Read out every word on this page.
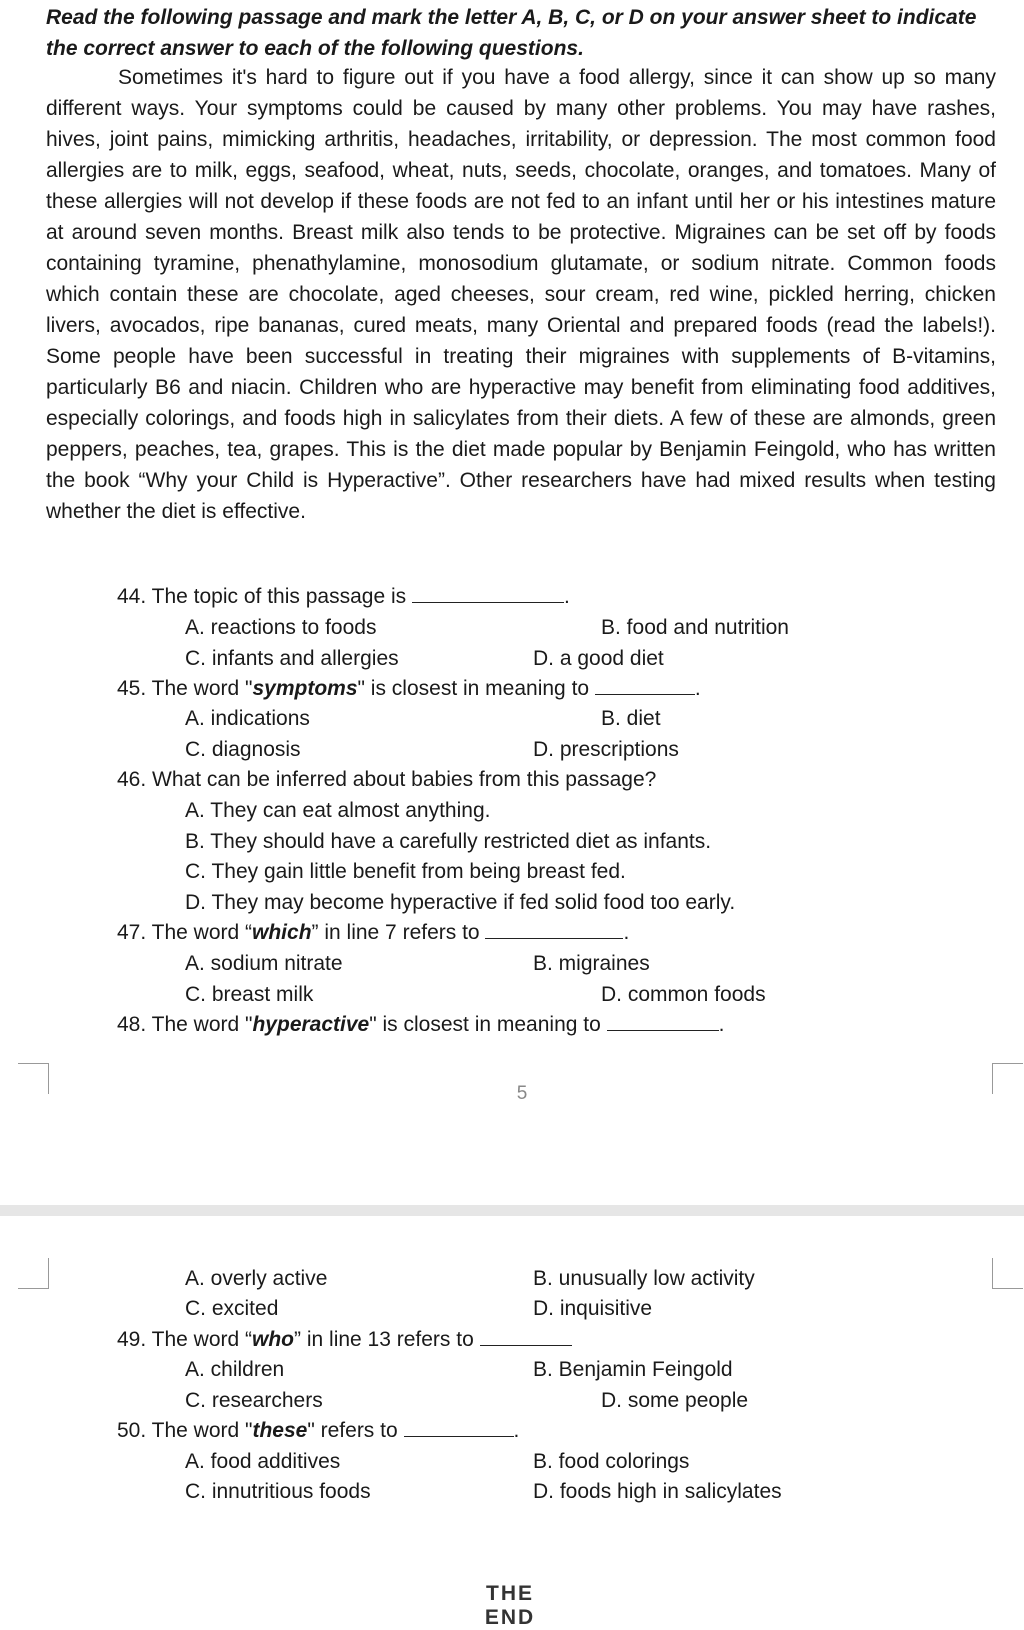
Read the following passage and mark the letter A, B, C, or D on your answer sheet to indicate the correct answer to each of the following questions.
Sometimes it's hard to figure out if you have a food allergy, since it can show up so many different ways. Your symptoms could be caused by many other problems. You may have rashes, hives, joint pains, mimicking arthritis, headaches, irritability, or depression. The most common food allergies are to milk, eggs, seafood, wheat, nuts, seeds, chocolate, oranges, and tomatoes. Many of these allergies will not develop if these foods are not fed to an infant until her or his intestines mature at around seven months. Breast milk also tends to be protective. Migraines can be set off by foods containing tyramine, phenathylamine, monosodium glutamate, or sodium nitrate. Common foods which contain these are chocolate, aged cheeses, sour cream, red wine, pickled herring, chicken livers, avocados, ripe bananas, cured meats, many Oriental and prepared foods (read the labels!). Some people have been successful in treating their migraines with supplements of B-vitamins, particularly B6 and niacin. Children who are hyperactive may benefit from eliminating food additives, especially colorings, and foods high in salicylates from their diets. A few of these are almonds, green peppers, peaches, tea, grapes. This is the diet made popular by Benjamin Feingold, who has written the book “Why your Child is Hyperactive”. Other researchers have had mixed results when testing whether the diet is effective.
44. The topic of this passage is	.
A. reactions to foods	B. food and nutrition
C. infants and allergies	D. a good diet
45. The word "symptoms" is closest in meaning to	.
A. indications	B. diet
C. diagnosis	D. prescriptions
46. What can be inferred about babies from this passage?
A. They can eat almost anything.
B. They should have a carefully restricted diet as infants.
C. They gain little benefit from being breast fed.
D. They may become hyperactive if fed solid food too early.
47. The word “which” in line 7 refers to	.
A. sodium nitrate	B. migraines
C. breast milk	D. common foods
48. The word "hyperactive" is closest in meaning to	.
5
A. overly active	B. unusually low activity
C. excited	D. inquisitive
49. The word “who” in line 13 refers to
A. children	B. Benjamin Feingold
C. researchers	D. some people
50. The word "these" refers to	.
A. food additives	B. food colorings
C. innutritious foods	D. foods high in salicylates
THE END
